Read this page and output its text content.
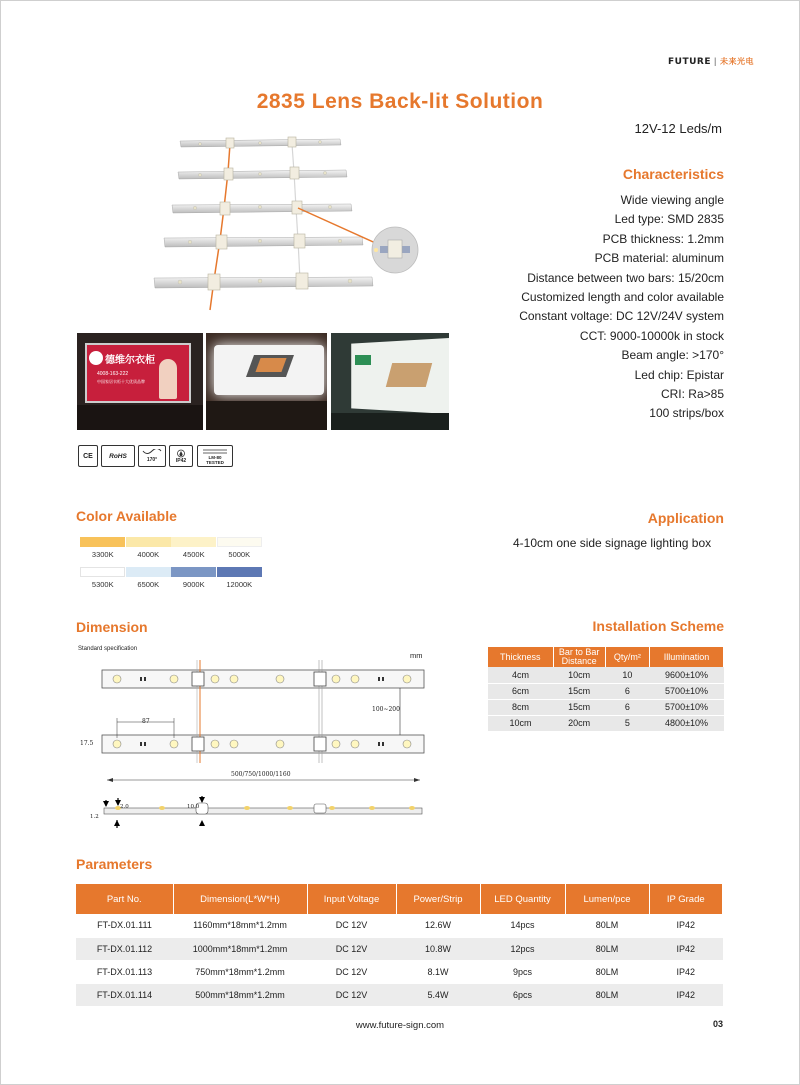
FUTURE | 未来光电
2835 Lens Back-lit Solution
12V-12 Leds/m
Characteristics
Wide viewing angle
Led type: SMD 2835
PCB thickness: 1.2mm
PCB material: aluminum
Distance between two bars: 15/20cm
Customized length and color available
Constant voltage: DC 12V/24V system
CCT: 9000-10000k in stock
Beam angle: >170°
Led chip: Epistar
CRI: Ra>85
100 strips/box
德维尔衣柜
4008-163-222
中国家居衣柜十大优质品牌
CE	RoHS
170°	IP42
LM-80
TESTED
Color Available
3300K	4000K	4500K	5000K
5300K	6500K	9000K	12000K
Application
4-10cm one side signage lighting box
Dimension
Standard specification
mm
87
100~200
17.5
500/750/1000/1160
2.0
1.2
10.0
Installation Scheme
Thickness	Bar to Bar Distance	Qty/m²	Illumination
4cm	10cm	10	9600±10%
6cm	15cm	6	5700±10%
8cm	15cm	6	5700±10%
10cm	20cm	5	4800±10%
Parameters
Part No.	Dimension(L*W*H)	Input Voltage	Power/Strip	LED Quantity	Lumen/pce	IP Grade
FT-DX.01.111	1160mm*18mm*1.2mm	DC 12V	12.6W	14pcs	80LM	IP42
FT-DX.01.112	1000mm*18mm*1.2mm	DC 12V	10.8W	12pcs	80LM	IP42
FT-DX.01.113	750mm*18mm*1.2mm	DC 12V	8.1W	9pcs	80LM	IP42
FT-DX.01.114	500mm*18mm*1.2mm	DC 12V	5.4W	6pcs	80LM	IP42
www.future-sign.com	03
